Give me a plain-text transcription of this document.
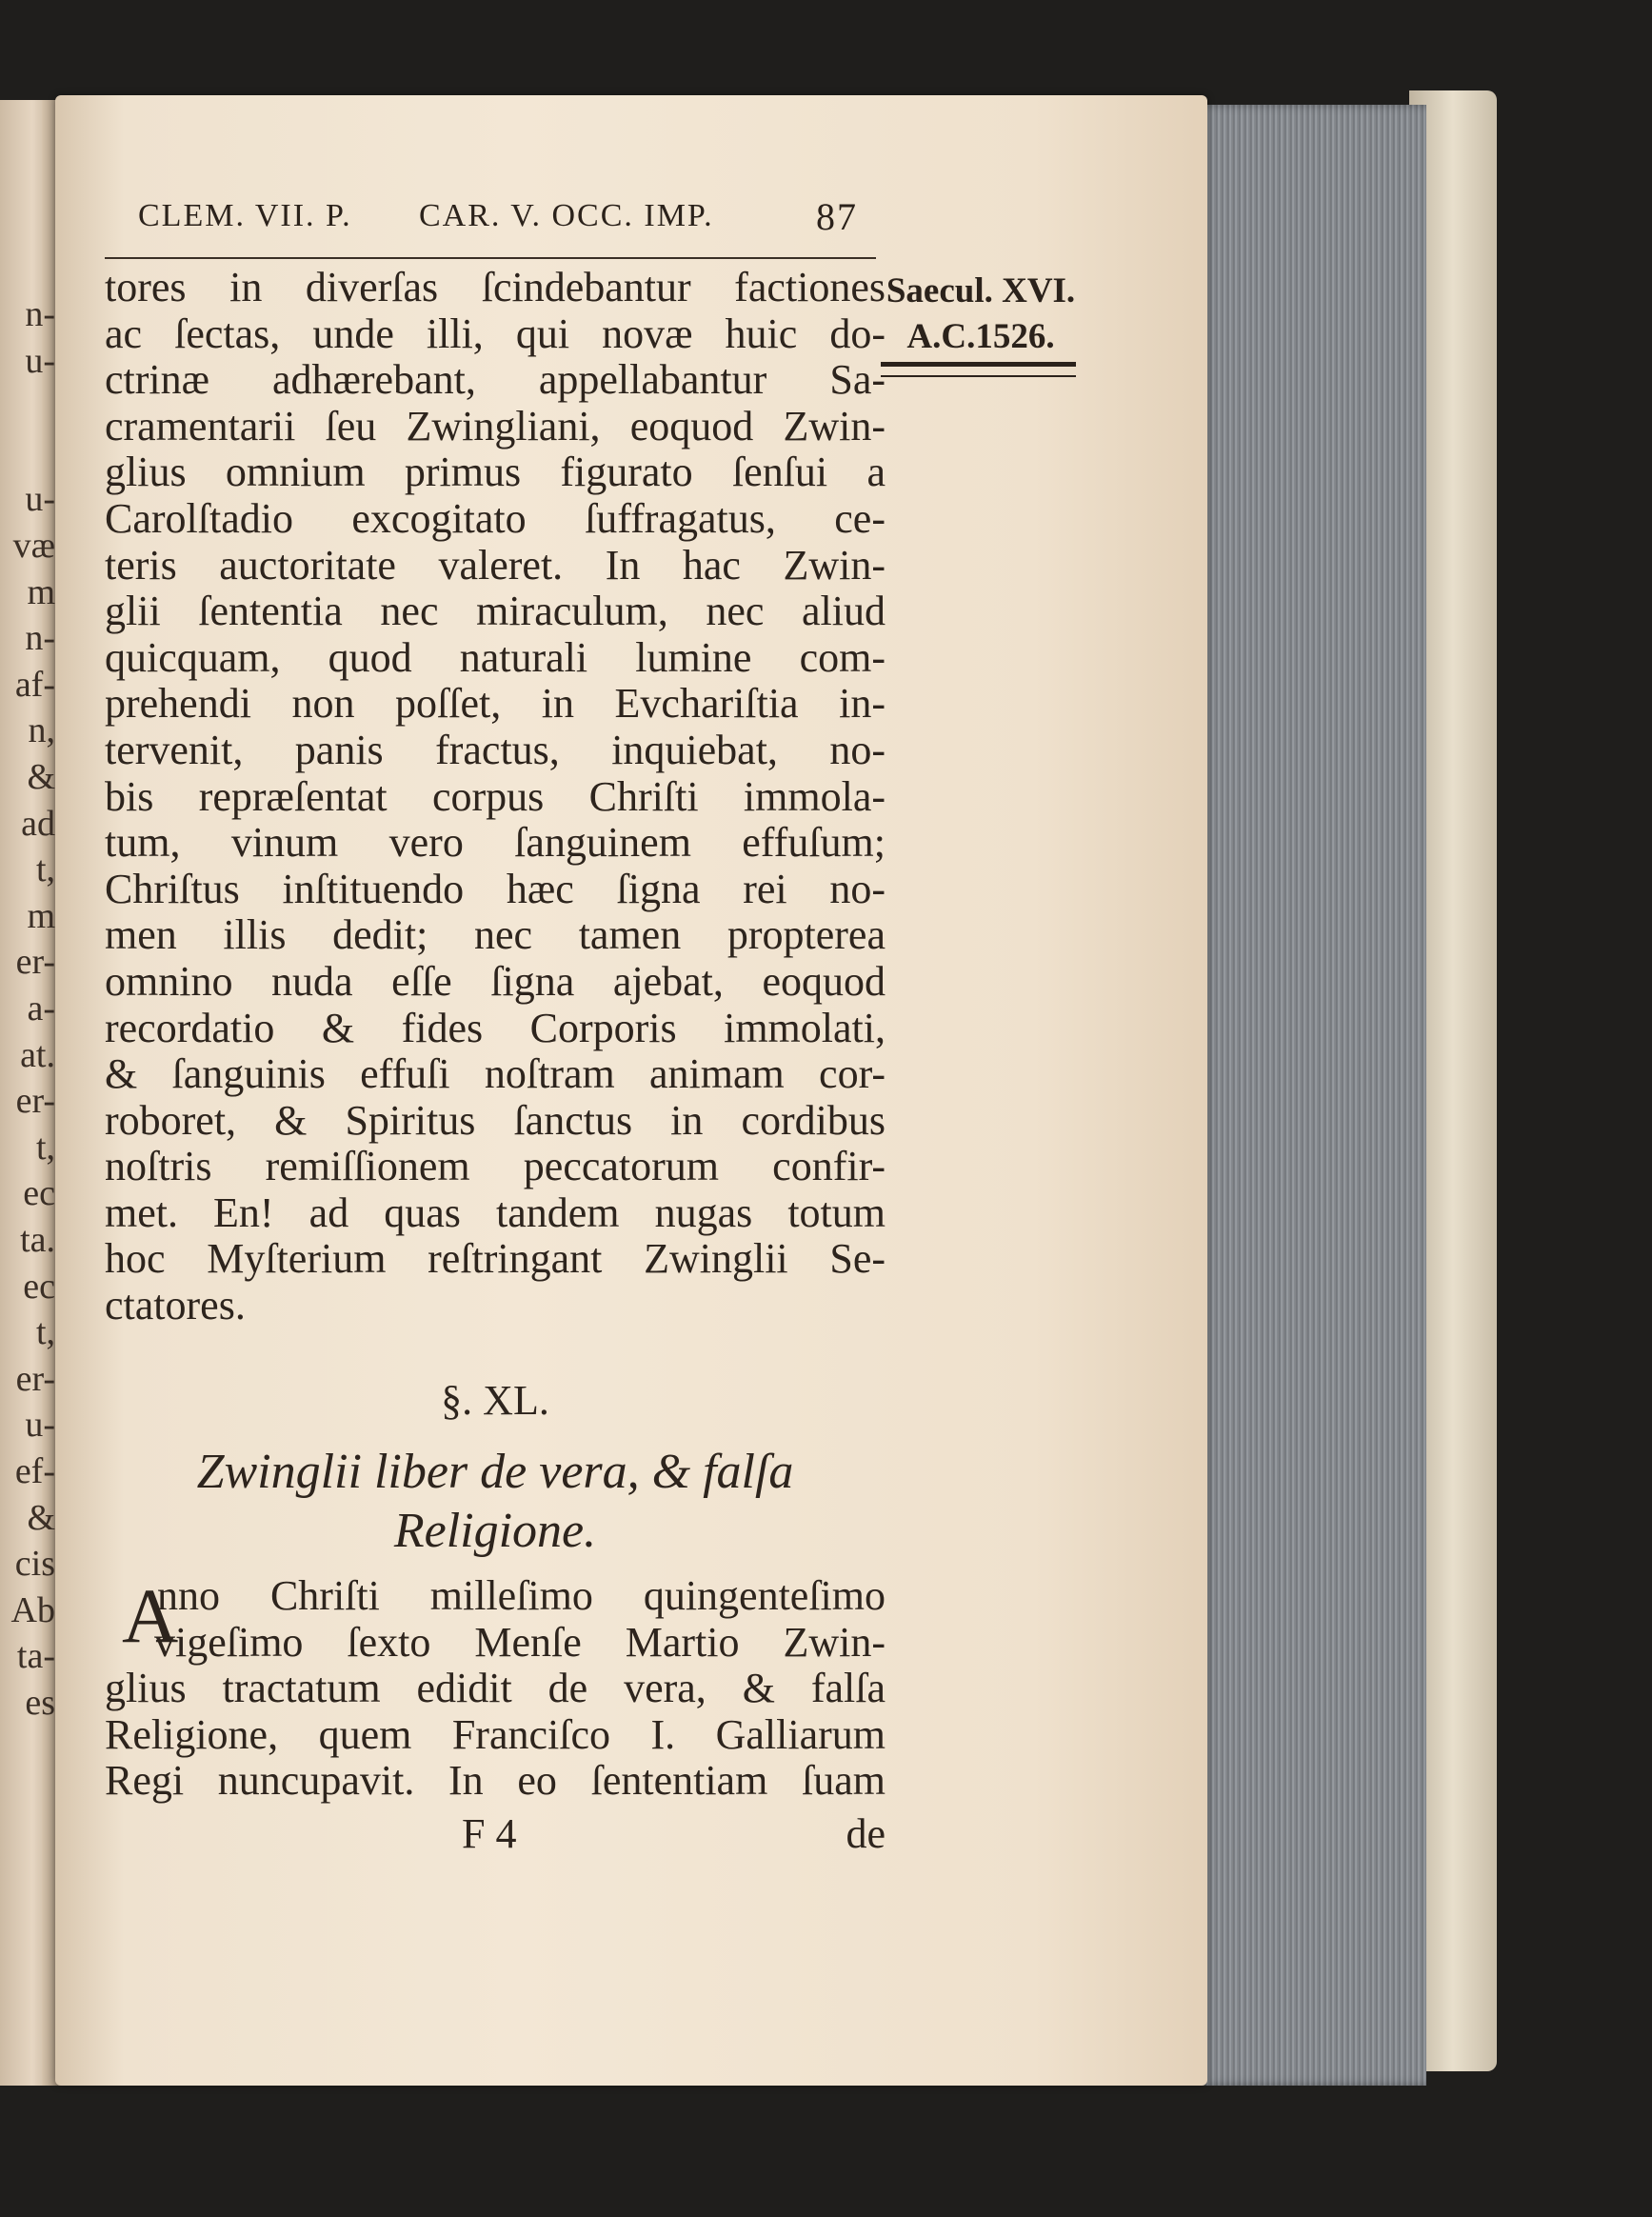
n-
u-
u-
væ
m
n-
af-
n,
&
ad
t,
m
er-
a-
at.
er-
t,
ec
ta.
ec
t,
er-
u-
ef-
&
cis
Ab
ta-
es
CLEM. VII. P. CAR. V. OCC. IMP.	87
Saecul. XVI.
A.C.1526.
tores in diverſas ſcindebantur factiones
ac ſectas, unde illi, qui novæ huic do-
ctrinæ adhærebant, appellabantur Sa-
cramentarii ſeu Zwingliani, eoquod Zwin-
glius omnium primus figurato ſenſui a
Carolſtadio excogitato ſuffragatus, ce-
teris auctoritate valeret. In hac Zwin-
glii ſententia nec miraculum, nec aliud
quicquam, quod naturali lumine com-
prehendi non poſſet, in Evchariſtia in-
tervenit, panis fractus, inquiebat, no-
bis repræſentat corpus Chriſti immola-
tum, vinum vero ſanguinem effuſum;
Chriſtus inſtituendo hæc ſigna rei no-
men illis dedit; nec tamen propterea
omnino nuda eſſe ſigna ajebat, eoquod
recordatio & fides Corporis immolati,
& ſanguinis effuſi noſtram animam cor-
roboret, & Spiritus ſanctus in cordibus
noſtris remiſſionem peccatorum confir-
met. En! ad quas tandem nugas totum
hoc Myſterium reſtringant Zwinglii Se-
ctatores.
§. XL.
Zwinglii liber de vera, & falſa
Religione.
A
nno Chriſti milleſimo quingenteſimo
vigeſimo ſexto Menſe Martio Zwin-
glius tractatum edidit de vera, & falſa
Religione, quem Franciſco I. Galliarum
Regi nuncupavit. In eo ſententiam ſuam
F 4	de
